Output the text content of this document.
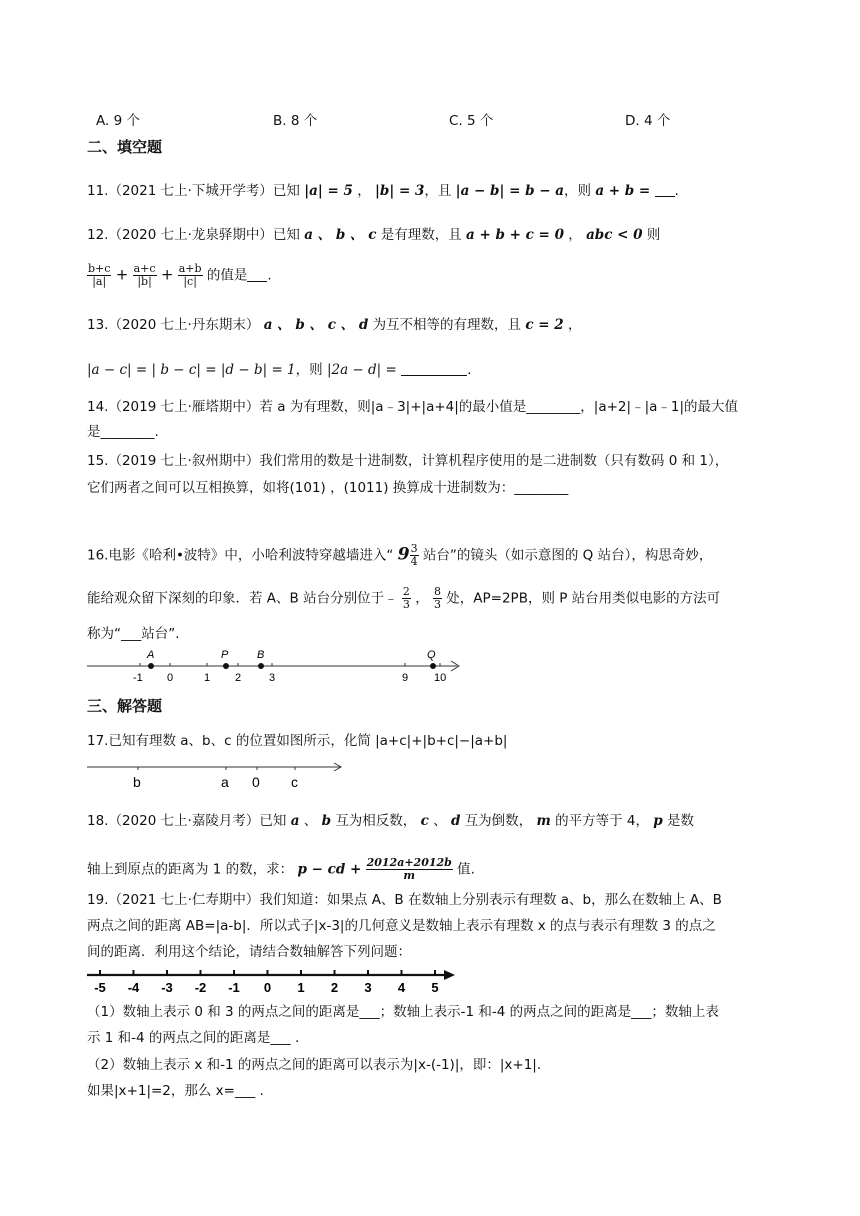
A. 9 个	B. 8 个	C. 5 个	D. 4 个
二、填空题
11.（2021 七上·下城开学考）已知 |a| = 5 ， |b| = 3，且 |a − b| = b − a，则 a + b = .
12.（2020 七上·龙泉驿期中）已知 a 、 b 、 c 是有理数，且 a + b + c = 0 ， abc < 0 则
$\frac{b+c}{|a|} + \frac{a+c}{|b|} + \frac{a+b}{|c|}$ 的值是 .
13.（2020 七上·丹东期末） a 、 b 、 c 、 d 为互不相等的有理数，且 c = 2 ，
|a − c| = | b − c| = |d − b| = 1，则 |2a − d| =	.
14.（2019 七上·雁塔期中）若 a 为有理数，则|a﹣3|+|a+4|的最小值是________，|a+2|﹣|a﹣1|的最大值
是________.
15.（2019 七上·叙州期中）我们常用的数是十进制数，计算机程序使用的是二进制数（只有数码 0 和 1），
它们两者之间可以互相换算，如将(101) ，(1011) 换算成十进制数为：________
16.电影《哈利•波特》中，小哈利波特穿越墙进入“ $9 \frac{3}{4}$ 站台”的镜头（如示意图的 Q 站台），构思奇妙，
能给观众留下深刻的印象．若 A、B 站台分别位于﹣ $\frac{2}{3}$ ， $\frac{8}{3}$ 处，AP=2PB，则 P 站台用类似电影的方法可
称为“___站台”.
A	P	B	Q
-1 0	1 2	3	9 10
三、解答题
17.已知有理数 a、b、c 的位置如图所示，化简 |a+c|+|b+c|−|a+b|
b	a 0 c
18.（2020 七上·嘉陵月考）已知 a 、 b 互为相反数， c 、 d 互为倒数， m 的平方等于 4， p 是数
轴上到原点的距离为 1 的数，求： p − cd + $\frac{2012a+2012b}{m}$ 值.
19.（2021 七上·仁寿期中）我们知道：如果点 A、B 在数轴上分别表示有理数 a、b，那么在数轴上 A、B
两点之间的距离 AB=|a-b|．所以式子|x-3|的几何意义是数轴上表示有理数 x 的点与表示有理数 3 的点之
间的距离．利用这个结论，请结合数轴解答下列问题：
-5 -4 -3 -2 -1 0 1 2 3 4 5
（1）数轴上表示 0 和 3 的两点之间的距离是___；数轴上表示-1 和-4 的两点之间的距离是___；数轴上表
示 1 和-4 的两点之间的距离是___ .
（2）数轴上表示 x 和-1 的两点之间的距离可以表示为|x-(-1)|，即：|x+1|.
如果|x+1|=2，那么 x=___ .
